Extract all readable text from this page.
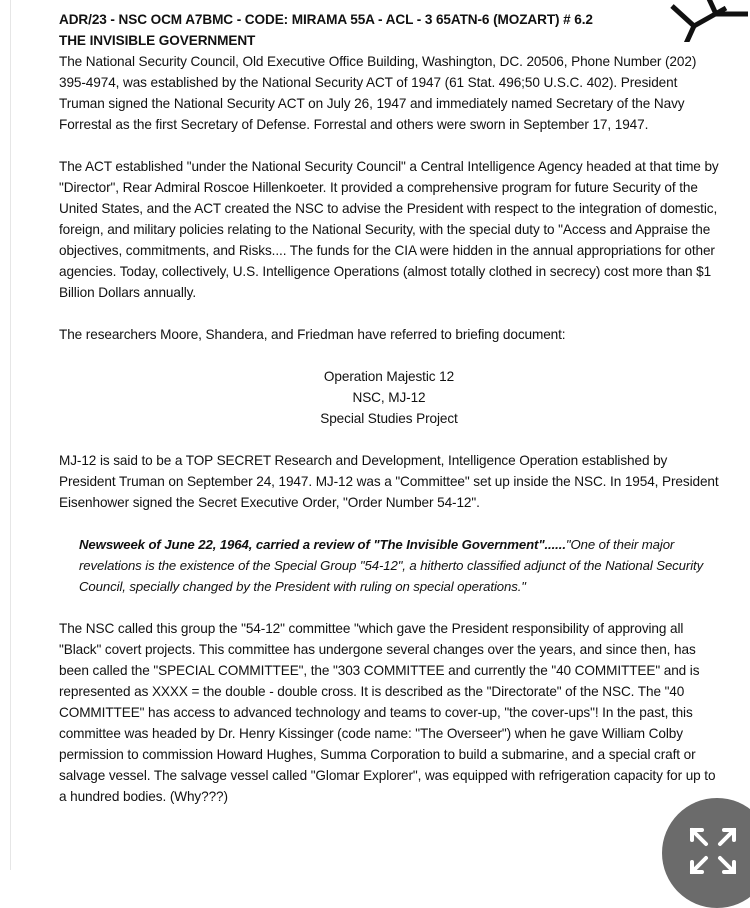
ADR/23 - NSC OCM A7BMC - CODE: MIRAMA 55A - ACL - 3 65ATN-6 (MOZART) # 6.2

THE INVISIBLE GOVERNMENT

The National Security Council, Old Executive Office Building, Washington, DC. 20506, Phone Number (202) 395-4974, was established by the National Security ACT of 1947 (61 Stat. 496;50 U.S.C. 402). President Truman signed the National Security ACT on July 26, 1947 and immediately named Secretary of the Navy Forrestal as the first Secretary of Defense. Forrestal and others were sworn in September 17, 1947.

The ACT established "under the National Security Council" a Central Intelligence Agency headed at that time by "Director", Rear Admiral Roscoe Hillenkoeter. It provided a comprehensive program for future Security of the United States, and the ACT created the NSC to advise the President with respect to the integration of domestic, foreign, and military policies relating to the National Security, with the special duty to "Access and Appraise the objectives, commitments, and Risks.... The funds for the CIA were hidden in the annual appropriations for other agencies. Today, collectively, U.S. Intelligence Operations (almost totally clothed in secrecy) cost more than $1 Billion Dollars annually.

The researchers Moore, Shandera, and Friedman have referred to briefing document:

Operation Majestic 12
NSC, MJ-12
Special Studies Project

MJ-12 is said to be a TOP SECRET Research and Development, Intelligence Operation established by President Truman on September 24, 1947. MJ-12 was a "Committee" set up inside the NSC. In 1954, President Eisenhower signed the Secret Executive Order, "Order Number 54-12".

Newsweek of June 22, 1964, carried a review of "The Invisible Government"......"One of their major revelations is the existence of the Special Group "54-12", a hitherto classified adjunct of the National Security Council, specially changed by the President with ruling on special operations."

The NSC called this group the "54-12" committee "which gave the President responsibility of approving all "Black" covert projects. This committee has undergone several changes over the years, and since then, has been called the "SPECIAL COMMITTEE", the "303 COMMITTEE and currently the "40 COMMITTEE" and is represented as XXXX = the double - double cross. It is described as the "Directorate" of the NSC. The "40 COMMITTEE" has access to advanced technology and teams to cover-up, "the cover-ups"! In the past, this committee was headed by Dr. Henry Kissinger (code name: "The Overseer") when he gave William Colby permission to commission Howard Hughes, Summa Corporation to build a submarine, and a special craft or salvage vessel. The salvage vessel called "Glomar Explorer", was equipped with refrigeration capacity for up to a hundred bodies. (Why???)
